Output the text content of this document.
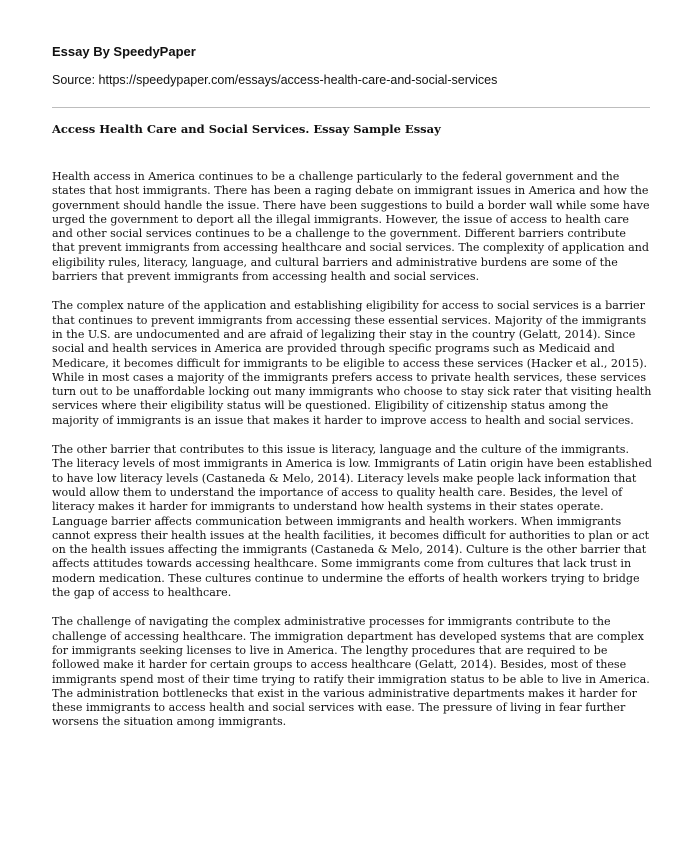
Essay By SpeedyPaper
Source: https://speedypaper.com/essays/access-health-care-and-social-services
Access Health Care and Social Services. Essay Sample Essay

Health access in America continues to be a challenge particularly to the federal government and the states that host immigrants. There has been a raging debate on immigrant issues in America and how the government should handle the issue. There have been suggestions to build a border wall while some have urged the government to deport all the illegal immigrants. However, the issue of access to health care and other social services continues to be a challenge to the government. Different barriers contribute that prevent immigrants from accessing healthcare and social services. The complexity of application and eligibility rules, literacy, language, and cultural barriers and administrative burdens are some of the barriers that prevent immigrants from accessing health and social services.

The complex nature of the application and establishing eligibility for access to social services is a barrier that continues to prevent immigrants from accessing these essential services. Majority of the immigrants in the U.S. are undocumented and are afraid of legalizing their stay in the country (Gelatt, 2014). Since social and health services in America are provided through specific programs such as Medicaid and Medicare, it becomes difficult for immigrants to be eligible to access these services (Hacker et al., 2015). While in most cases a majority of the immigrants prefers access to private health services, these services turn out to be unaffordable locking out many immigrants who choose to stay sick rater that visiting health services where their eligibility status will be questioned. Eligibility of citizenship status among the majority of immigrants is an issue that makes it harder to improve access to health and social services.

The other barrier that contributes to this issue is literacy, language and the culture of the immigrants. The literacy levels of most immigrants in America is low. Immigrants of Latin origin have been established to have low literacy levels (Castaneda & Melo, 2014). Literacy levels make people lack information that would allow them to understand the importance of access to quality health care. Besides, the level of literacy makes it harder for immigrants to understand how health systems in their states operate. Language barrier affects communication between immigrants and health workers. When immigrants cannot express their health issues at the health facilities, it becomes difficult for authorities to plan or act on the health issues affecting the immigrants (Castaneda & Melo, 2014). Culture is the other barrier that affects attitudes towards accessing healthcare. Some immigrants come from cultures that lack trust in modern medication. These cultures continue to undermine the efforts of health workers trying to bridge the gap of access to healthcare.

The challenge of navigating the complex administrative processes for immigrants contribute to the challenge of accessing healthcare. The immigration department has developed systems that are complex for immigrants seeking licenses to live in America. The lengthy procedures that are required to be followed make it harder for certain groups to access healthcare (Gelatt, 2014). Besides, most of these immigrants spend most of their time trying to ratify their immigration status to be able to live in America. The administration bottlenecks that exist in the various administrative departments makes it harder for these immigrants to access health and social services with ease. The pressure of living in fear further worsens the situation among immigrants.
